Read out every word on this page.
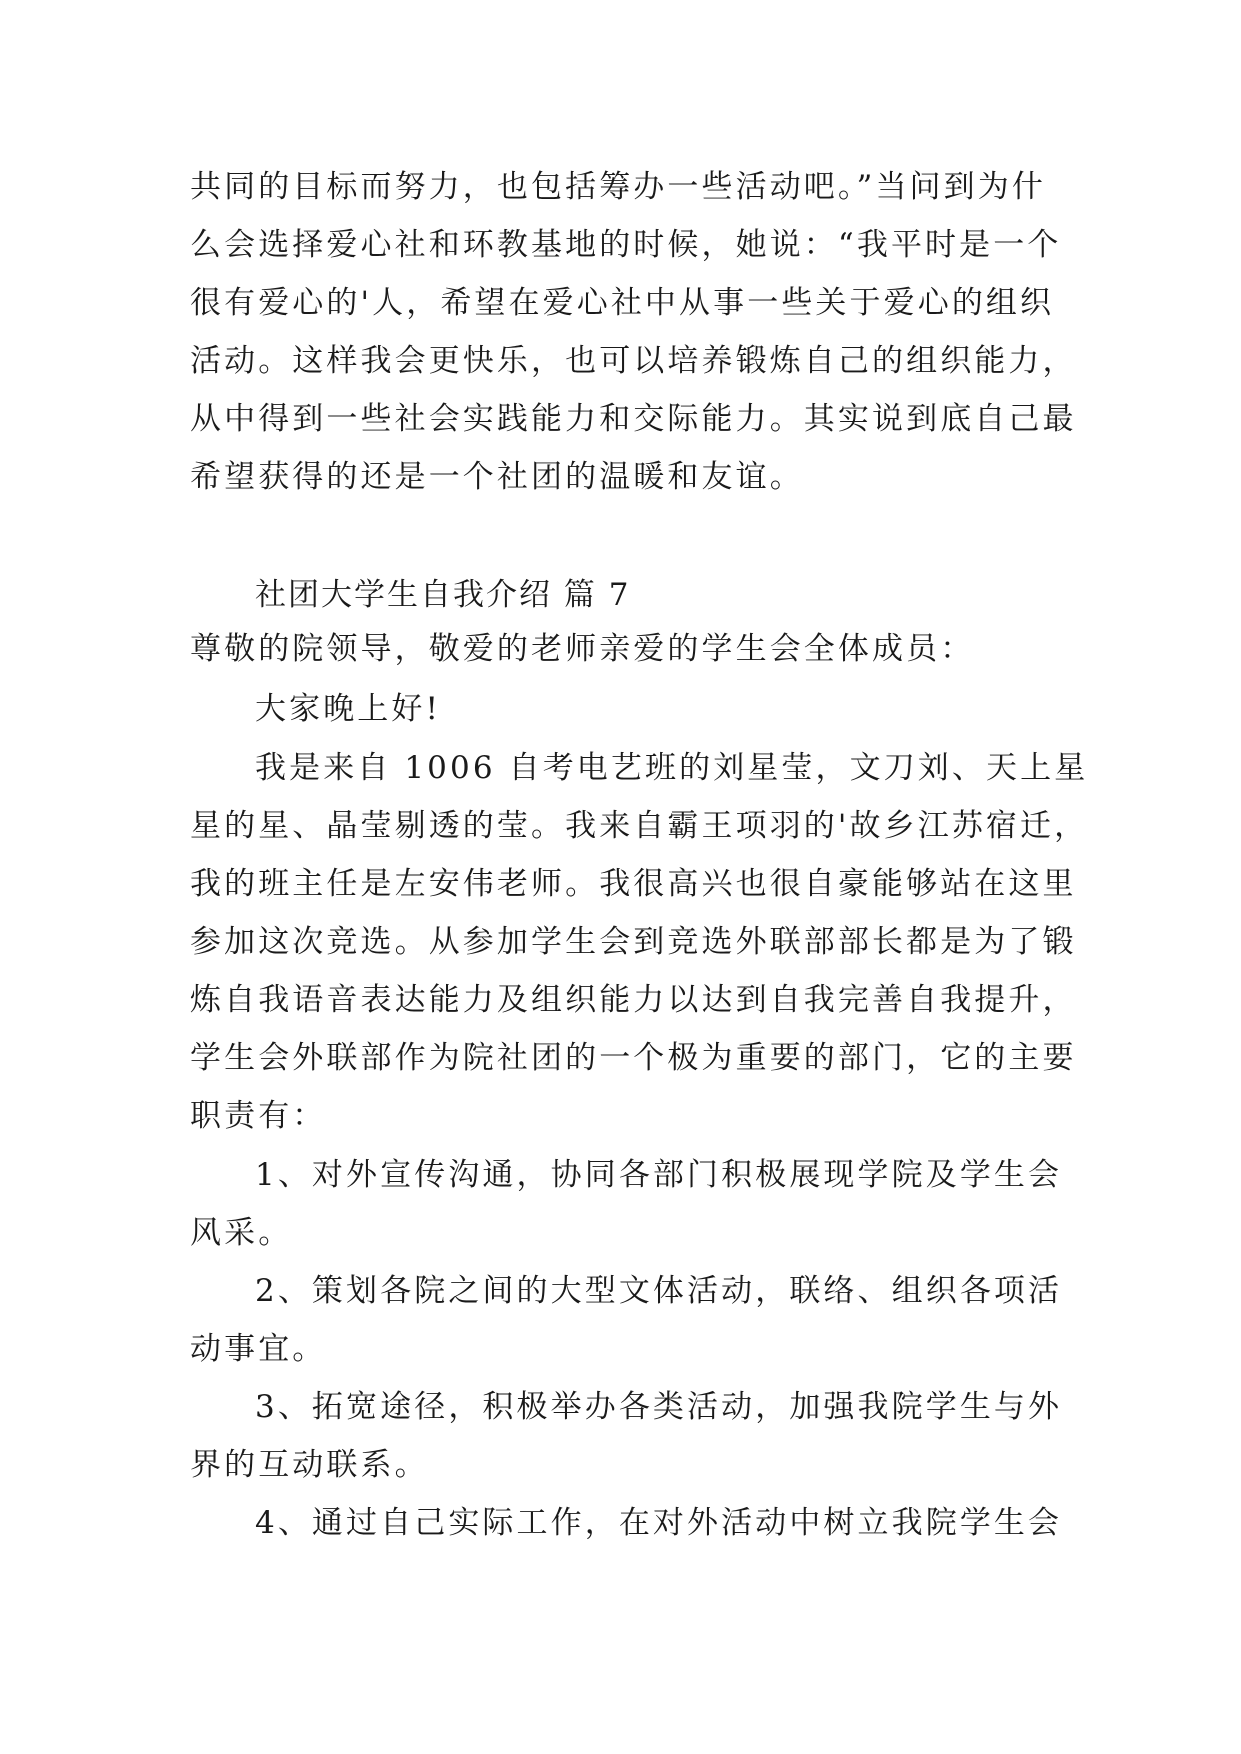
共同的目标而努力，也包括筹办一些活动吧。”当问到为什
么会选择爱心社和环教基地的时候，她说：“我平时是一个
很有爱心的'人，希望在爱心社中从事一些关于爱心的组织
活动。这样我会更快乐，也可以培养锻炼自己的组织能力，
从中得到一些社会实践能力和交际能力。其实说到底自己最
希望获得的还是一个社团的温暖和友谊。
社团大学生自我介绍 篇 7
尊敬的院领导，敬爱的老师亲爱的学生会全体成员：
大家晚上好!
我是来自 1006 自考电艺班的刘星莹，文刀刘、天上星
星的星、晶莹剔透的莹。我来自霸王项羽的'故乡江苏宿迁，
我的班主任是左安伟老师。我很高兴也很自豪能够站在这里
参加这次竞选。从参加学生会到竞选外联部部长都是为了锻
炼自我语音表达能力及组织能力以达到自我完善自我提升，
学生会外联部作为院社团的一个极为重要的部门，它的主要
职责有：
1、对外宣传沟通，协同各部门积极展现学院及学生会
风采。
2、策划各院之间的大型文体活动，联络、组织各项活
动事宜。
3、拓宽途径，积极举办各类活动，加强我院学生与外
界的互动联系。
4、通过自己实际工作，在对外活动中树立我院学生会
